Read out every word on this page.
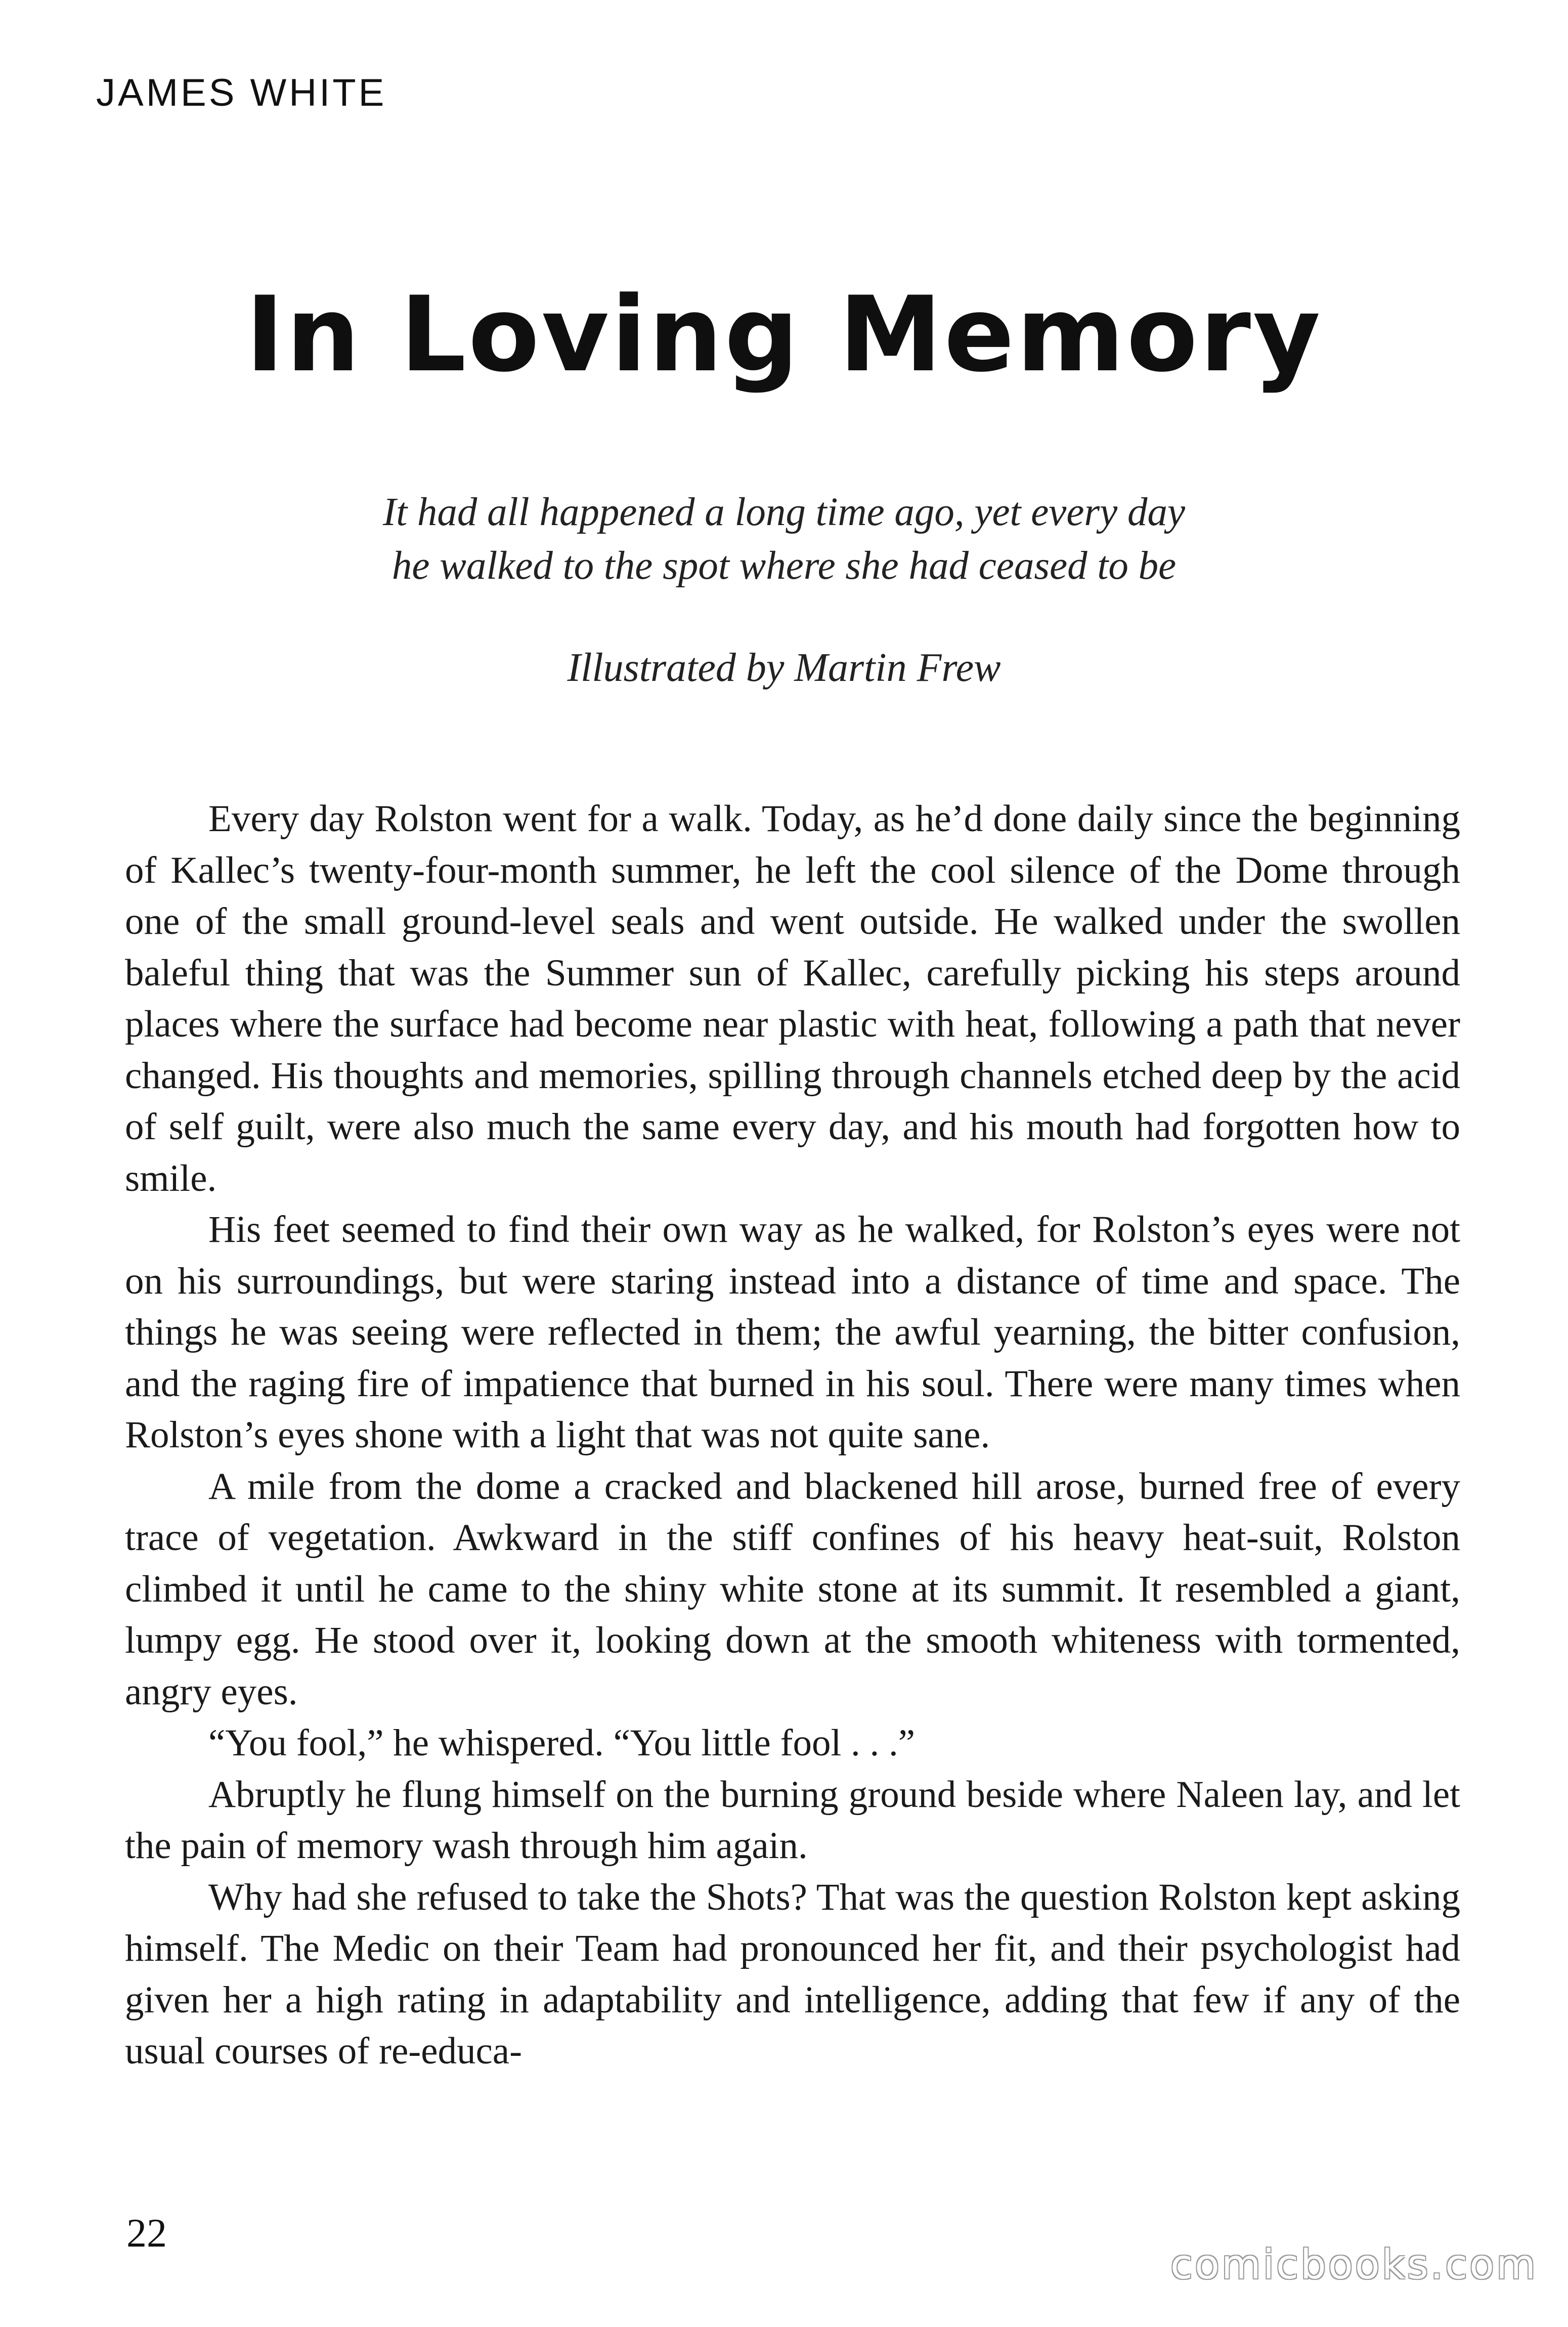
JAMES WHITE
In Loving Memory
It had all happened a long time ago, yet every day
he walked to the spot where she had ceased to be
Illustrated by Martin Frew

Every day Rolston went for a walk. Today, as he’d done daily since the beginning of Kallec’s twenty-four-month summer, he left the cool silence of the Dome through one of the small ground-level seals and went outside. He walked under the swollen baleful thing that was the Summer sun of Kallec, carefully picking his steps around places where the surface had become near plastic with heat, following a path that never changed. His thoughts and memories, spilling through channels etched deep by the acid of self guilt, were also much the same every day, and his mouth had forgotten how to smile.

His feet seemed to find their own way as he walked, for Rolston’s eyes were not on his surroundings, but were staring instead into a distance of time and space. The things he was seeing were reflected in them; the awful yearning, the bitter confusion, and the raging fire of impatience that burned in his soul. There were many times when Rolston’s eyes shone with a light that was not quite sane.

A mile from the dome a cracked and blackened hill arose, burned free of every trace of vegetation. Awkward in the stiff confines of his heavy heat-suit, Rolston climbed it until he came to the shiny white stone at its summit. It resembled a giant, lumpy egg. He stood over it, looking down at the smooth whiteness with tormented, angry eyes.

“You fool,” he whispered. “You little fool . . .”

Abruptly he flung himself on the burning ground beside where Naleen lay, and let the pain of memory wash through him again.

Why had she refused to take the Shots? That was the question Rolston kept asking himself. The Medic on their Team had pronounced her fit, and their psychologist had given her a high rating in adaptability and intelligence, adding that few if any of the usual courses of re-educa-

22
comicbooks.com
